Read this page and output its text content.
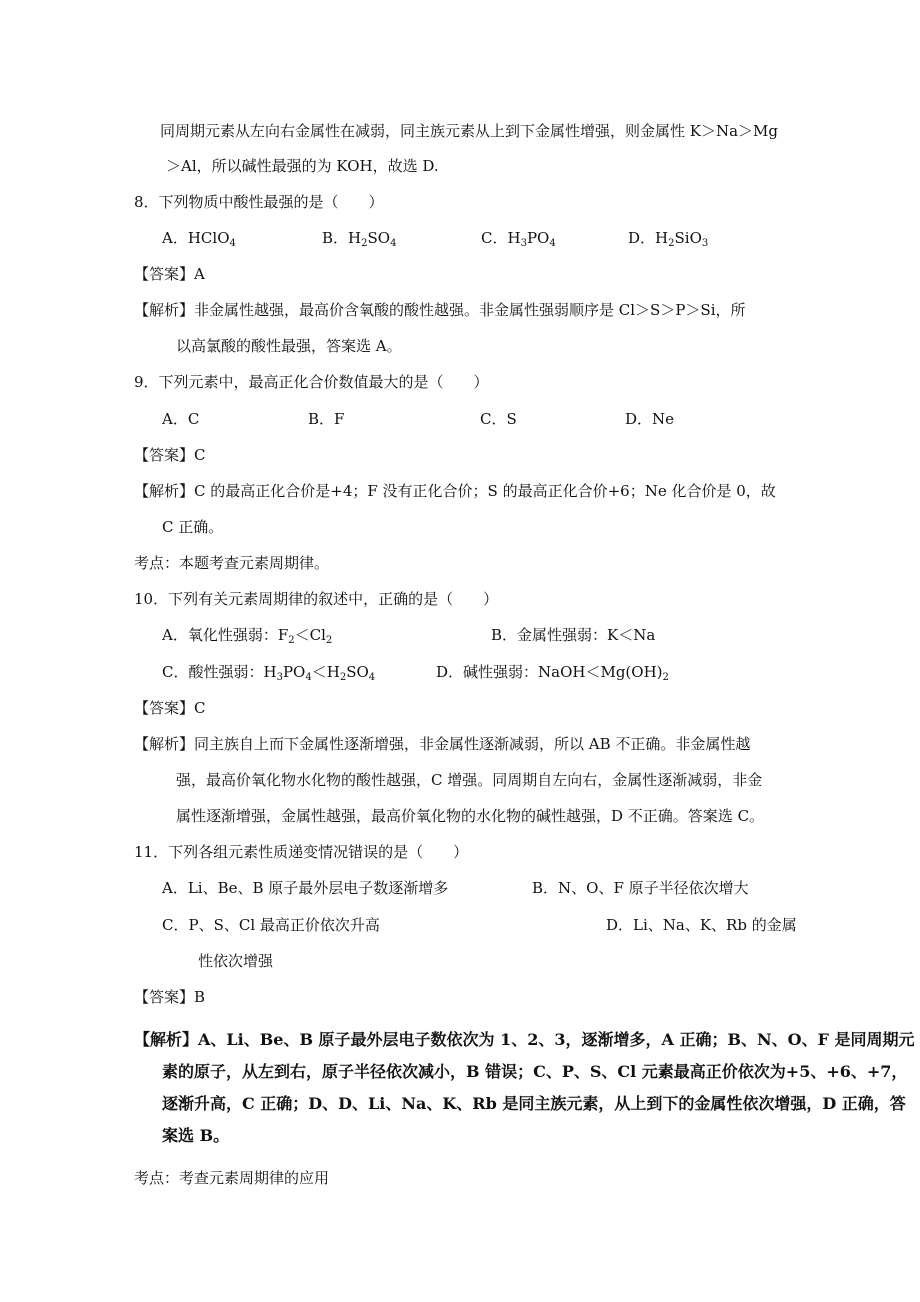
同周期元素从左向右金属性在减弱，同主族元素从上到下金属性增强，则金属性 K＞Na＞Mg
＞Al，所以碱性最强的为 KOH，故选 D.
8．下列物质中酸性最强的是（　　）
A．HClO$_4$	B．$H_2SO_4$	C．$H_3PO_4$	D．$H_2SiO_3$
【答案】A
【解析】非金属性越强，最高价含氧酸的酸性越强。非金属性强弱顺序是 Cl＞S＞P＞Si，所
以高氯酸的酸性最强，答案选 A。
9．下列元素中，最高正化合价数值最大的是（　　）
A．C	B．F	C．S	D．Ne
【答案】C
【解析】C 的最高正化合价是+4；F 没有正化合价；S 的最高正化合价+6；Ne 化合价是 0，故
C 正确。
考点：本题考查元素周期律。
10．下列有关元素周期律的叙述中，正确的是（　　）
A．氧化性强弱：$F_2<Cl_2$	B．金属性强弱：K＜Na
C．酸性强弱：$H_3PO_4<H_2SO_4$	D．碱性强弱：$NaOH<Mg(OH)_2$
【答案】C
【解析】同主族自上而下金属性逐渐增强，非金属性逐渐减弱，所以 AB 不正确。非金属性越
强，最高价氧化物水化物的酸性越强，C 增强。同周期自左向右，金属性逐渐减弱，非金
属性逐渐增强，金属性越强，最高价氧化物的水化物的碱性越强，D 不正确。答案选 C。
11．下列各组元素性质递变情况错误的是（　　）
A．Li、Be、B 原子最外层电子数逐渐增多	B．N、O、F 原子半径依次增大
C．P、S、Cl 最高正价依次升高	D．Li、Na、K、Rb 的金属
性依次增强
【答案】B
【解析】A、Li、Be、B 原子最外层电子数依次为 1、2、3，逐渐增多，A 正确；B、N、O、F 是同周期元
素的原子，从左到右，原子半径依次减小，B 错误；C、P、S、Cl 元素最高正价依次为+5、+6、+7，
逐渐升高，C 正确；D、D、Li、Na、K、Rb 是同主族元素，从上到下的金属性依次增强，D 正确，答
案选 B。
考点：考查元素周期律的应用
